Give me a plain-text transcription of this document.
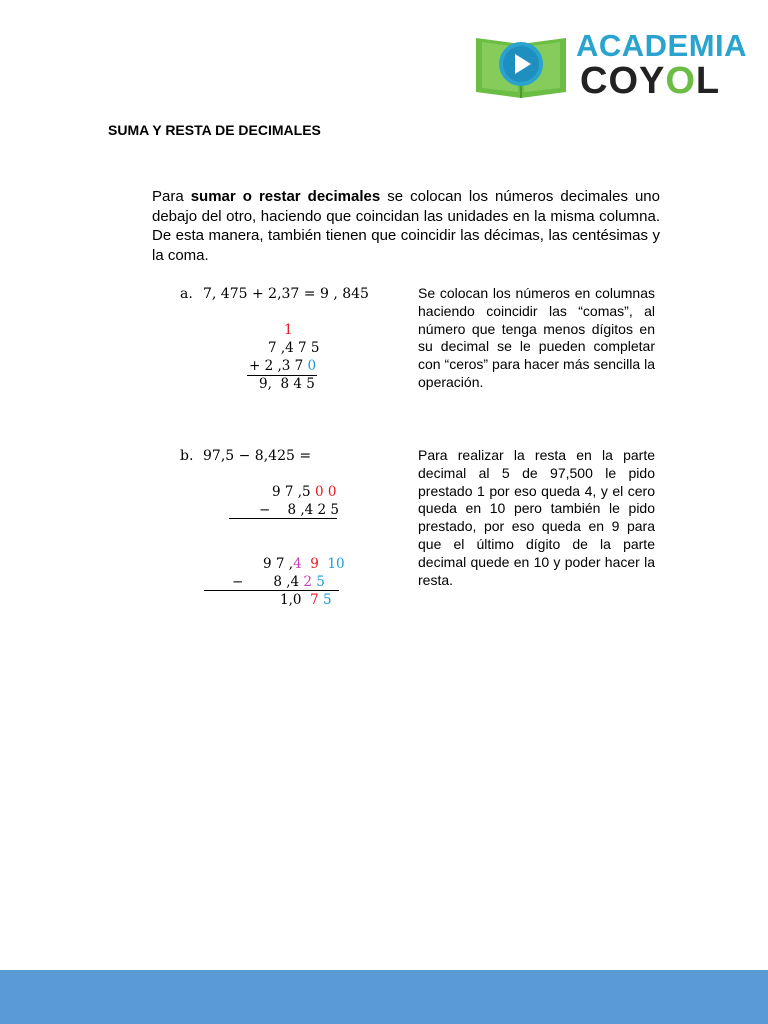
ACADEMIA
COYOL
SUMA Y RESTA DE DECIMALES
Para sumar o restar decimales se colocan los números decimales uno debajo del otro, haciendo que coincidan las unidades en la misma columna. De esta manera, también tienen que coincidir las décimas, las centésimas y la coma.
a. 7, 475 + 2,37 = 9 , 845
1
7 ,4 7 5
+ 2 ,3 7 0
9,  8 4 5
Se colocan los números en columnas haciendo coincidir las “comas”, al número que tenga menos dígitos en su decimal se le pueden completar con “ceros” para hacer más sencilla la operación.
b. 97,5 − 8,425 =
9 7 ,5 0 0
−    8 ,4 2 5
9 7 ,4 9 10
−       8 ,4 2 5
1,0  7 5
Para realizar la resta en la parte decimal al 5 de 97,500 le pido prestado 1 por eso queda 4, y el cero queda en 10 pero también le pido prestado, por eso queda en 9 para que el último dígito de la parte decimal quede en 10 y poder hacer la resta.
